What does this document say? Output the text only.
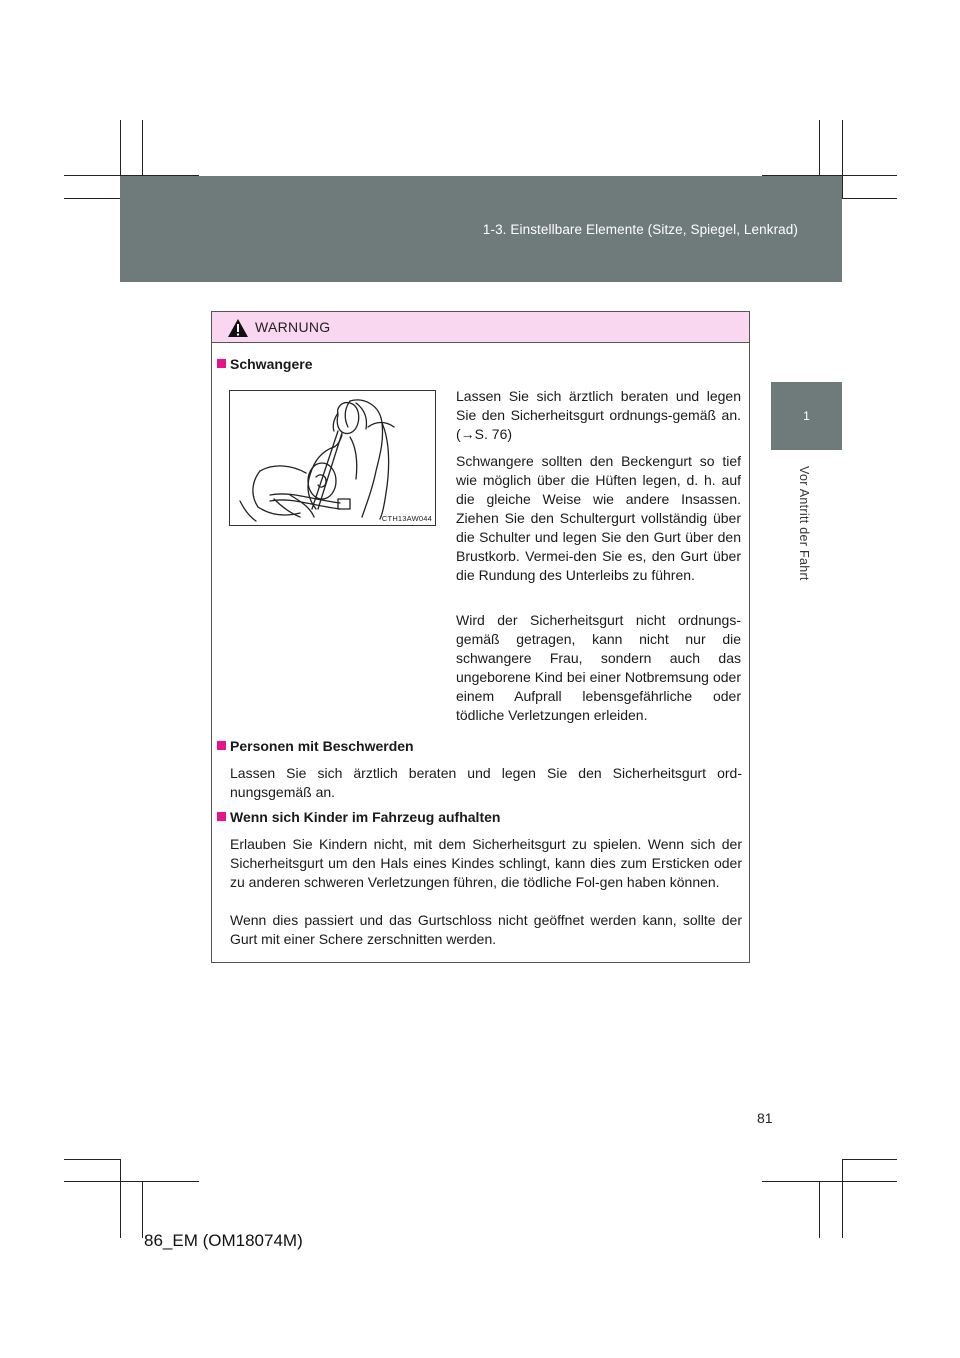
1-3. Einstellbare Elemente (Sitze, Spiegel, Lenkrad)
1
Vor Antritt der Fahrt
WARNUNG
Schwangere
CTH13AW044
Lassen Sie sich ärztlich beraten und legen Sie den Sicherheitsgurt ordnungs-gemäß an. (→S. 76)
Schwangere sollten den Beckengurt so tief wie möglich über die Hüften legen, d. h. auf die gleiche Weise wie andere Insassen. Ziehen Sie den Schultergurt vollständig über die Schulter und legen Sie den Gurt über den Brustkorb. Vermei-den Sie es, den Gurt über die Rundung des Unterleibs zu führen.
Wird der Sicherheitsgurt nicht ordnungs-gemäß getragen, kann nicht nur die schwangere Frau, sondern auch das ungeborene Kind bei einer Notbremsung oder einem Aufprall lebensgefährliche oder tödliche Verletzungen erleiden.
Personen mit Beschwerden
Lassen Sie sich ärztlich beraten und legen Sie den Sicherheitsgurt ord-nungsgemäß an.
Wenn sich Kinder im Fahrzeug aufhalten
Erlauben Sie Kindern nicht, mit dem Sicherheitsgurt zu spielen. Wenn sich der Sicherheitsgurt um den Hals eines Kindes schlingt, kann dies zum Ersticken oder zu anderen schweren Verletzungen führen, die tödliche Fol-gen haben können.
Wenn dies passiert und das Gurtschloss nicht geöffnet werden kann, sollte der Gurt mit einer Schere zerschnitten werden.
81
86_EM (OM18074M)
